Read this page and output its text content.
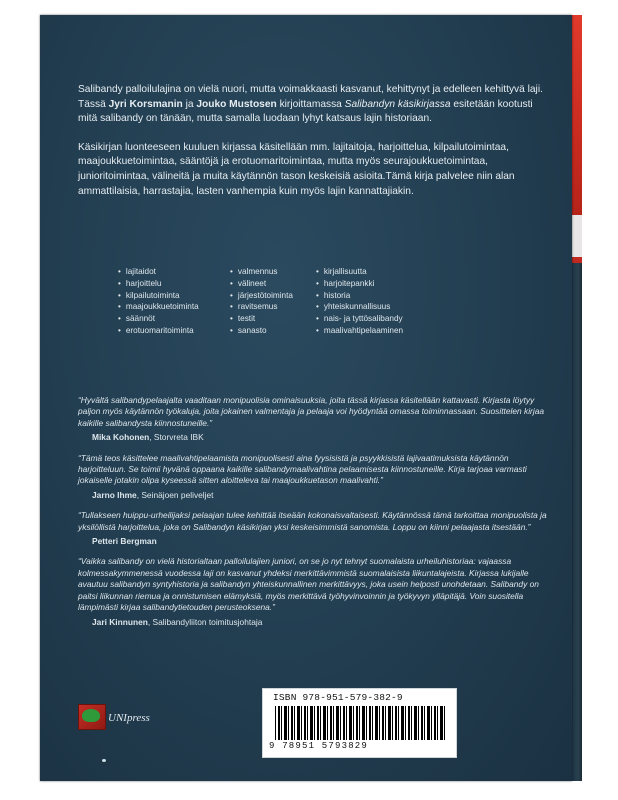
Salibandy palloilulajina on vielä nuori, mutta voimakkaasti kasvanut, kehittynyt ja edelleen kehittyvä laji. Tässä Jyri Korsmanin ja Jouko Mustosen kirjoittamassa Salibandyn käsikirjassa esitetään kootusti mitä salibandy on tänään, mutta samalla luodaan lyhyt katsaus lajin historiaan.

Käsikirjan luonteeseen kuuluen kirjassa käsitellään mm. lajitaitoja, harjoittelua, kilpailutoimintaa, maajoukkuetoimintaa, sääntöjä ja erotuomaritoimintaa, mutta myös seurajoukkuetoimintaa, junioritoimintaa, välineitä ja muita käytännön tason keskeisiä asioita.Tämä kirja palvelee niin alan ammattilaisia, harrastajia, lasten vanhempia kuin myös lajin kannattajiakin.

• lajitaidot
• harjoittelu
• kilpailutoiminta
• maajoukkuetoiminta
• säännöt
• erotuomaritoiminta
• valmennus
• välineet
• järjestötoiminta
• ravitsemus
• testit
• sanasto
• kirjallisuutta
• harjoitepankki
• historia
• yhteiskunnallisuus
• nais- ja tyttösalibandy
• maalivahtipelaaminen
“Hyvältä salibandypelaajalta vaaditaan monipuolisia ominaisuuksia, joita tässä kirjassa käsitellään kattavasti. Kirjasta löytyy paljon myös käytännön työkaluja, joita jokainen valmentaja ja pelaaja voi hyödyntää omassa toiminnassaan. Suosittelen kirjaa kaikille salibandysta kiinnostuneille.”
Mika Kohonen, Storvreta IBK
“Tämä teos käsittelee maalivahtipelaamista monipuolisesti aina fyysisistä ja psyykkisistä lajivaatimuksista käytännön harjoitteluun. Se toimii hyvänä oppaana kaikille salibandymaalivahtina pelaamisesta kiinnostuneille. Kirja tarjoaa varmasti jokaiselle jotakin olipa kyseessä sitten aloitteleva tai maajoukkuetason maalivahti.”
Jarno Ihme, Seinäjoen peliveljet
“Tullakseen huippu-urheilijaksi pelaajan tulee kehittää itseään kokonaisvaltaisesti. Käytännössä tämä tarkoittaa monipuolista ja yksilöllistä harjoittelua, joka on Salibandyn käsikirjan yksi keskeisimmistä sanomista. Loppu on kiinni pelaajasta itsestään.”
Petteri Bergman
“Vaikka salibandy on vielä historialtaan palloilulajien juniori, on se jo nyt tehnyt suomalaista urheiluhistoriaa: vajaassa kolmessakymmenessä vuodessa laji on kasvanut yhdeksi merkittävimmistä suomalaisista liikuntalajeista. Kirjassa lukijalle avautuu salibandyn syntyhistoria ja salibandyn yhteiskunnallinen merkittävyys, joka usein helposti unohdetaan. Salibandy on paitsi liikunnan riemua ja onnistumisen elämyksiä, myös merkittävä työhyvinvoinnin ja työkyvyn ylläpitäjä. Voin suositella lämpimästi kirjaa salibandytietouden perusteoksena.”
Jari Kinnunen, Salibandyliiton toimitusjohtaja
UNIpress
ISBN 978-951-579-382-9
9 78951 5793829
